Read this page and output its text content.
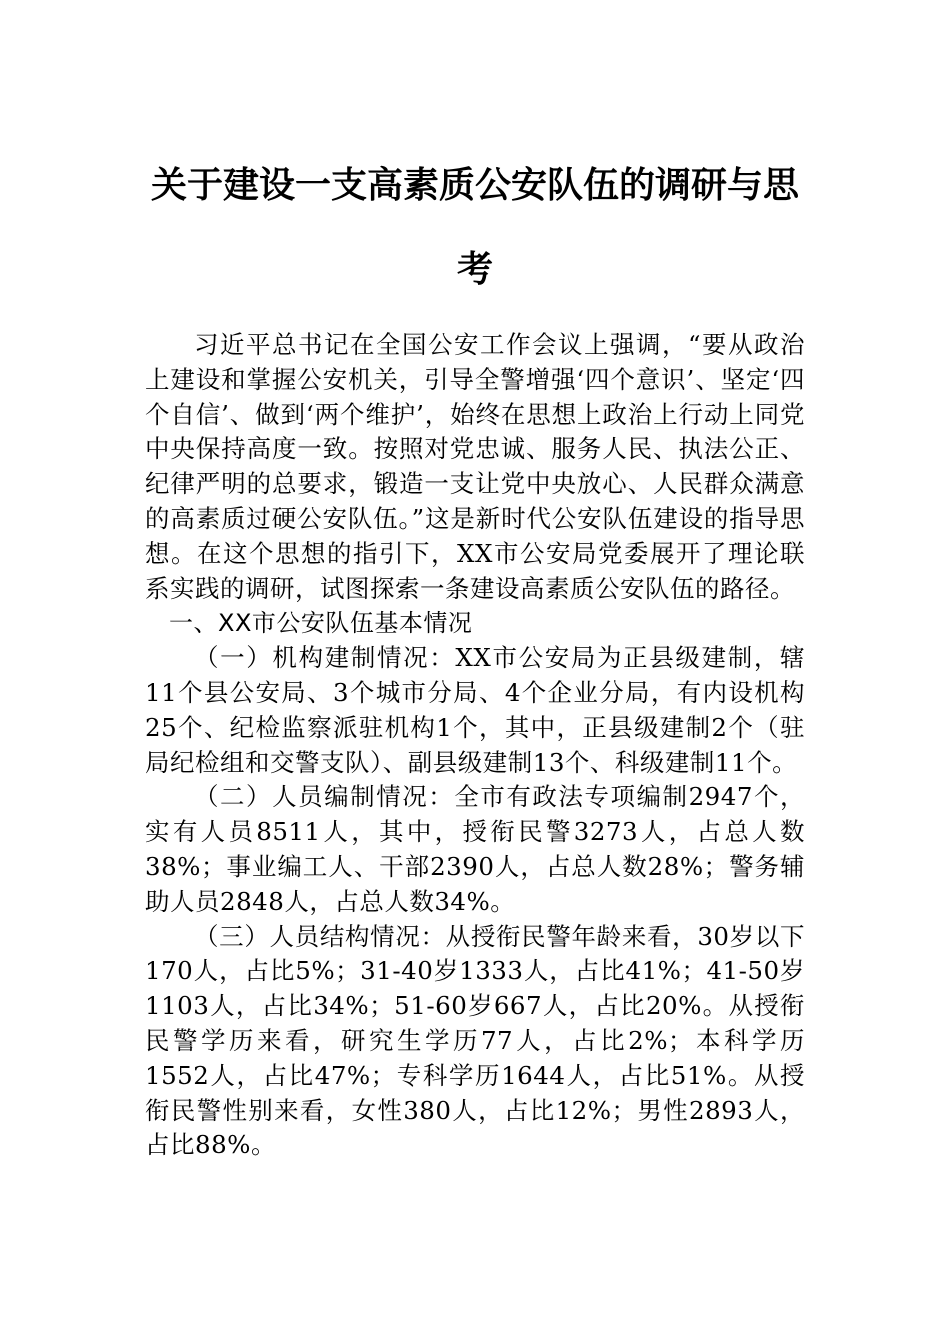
关于建设一支高素质公安队伍的调研与思考

习近平总书记在全国公安工作会议上强调，“要从政治上建设和掌握公安机关，引导全警增强‘四个意识’、坚定‘四个自信’、做到‘两个维护’，始终在思想上政治上行动上同党中央保持高度一致。按照对党忠诚、服务人民、执法公正、纪律严明的总要求，锻造一支让党中央放心、人民群众满意的高素质过硬公安队伍。”这是新时代公安队伍建设的指导思想。在这个思想的指引下，XX市公安局党委展开了理论联系实践的调研，试图探索一条建设高素质公安队伍的路径。

一、XX市公安队伍基本情况

（一）机构建制情况：XX市公安局为正县级建制，辖11个县公安局、3个城市分局、4个企业分局，有内设机构25个、纪检监察派驻机构1个，其中，正县级建制2个（驻局纪检组和交警支队）、副县级建制13个、科级建制11个。

（二）人员编制情况：全市有政法专项编制2947个，实有人员8511人，其中，授衔民警3273人，占总人数38%；事业编工人、干部2390人，占总人数28%；警务辅助人员2848人，占总人数34%。

（三）人员结构情况：从授衔民警年龄来看，30岁以下170人，占比5%；31-40岁1333人，占比41%；41-50岁1103人，占比34%；51-60岁667人，占比20%。从授衔民警学历来看，研究生学历77人，占比2%；本科学历1552人，占比47%；专科学历1644人，占比51%。从授衔民警性别来看，女性380人，占比12%；男性2893人，占比88%。
